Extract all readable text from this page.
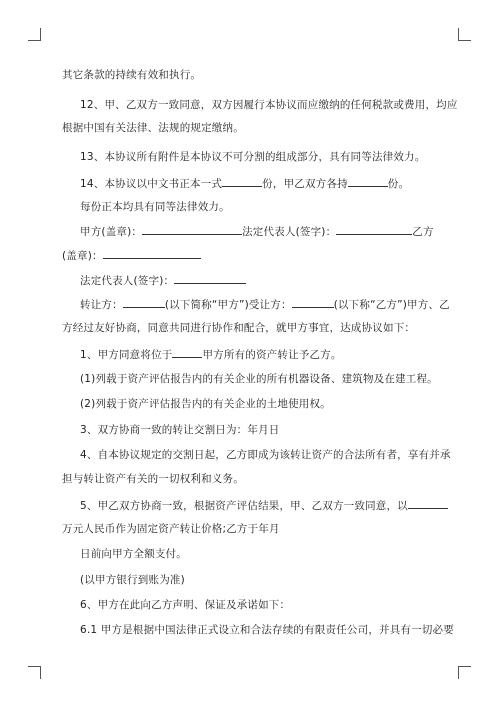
其它条款的持续有效和执行。
12、甲、乙双方一致同意，双方因履行本协议而应缴纳的任何税款或费用，均应
根据中国有关法律、法规的规定缴纳。
13、本协议所有附件是本协议不可分割的组成部分，具有同等法律效力。
14、本协议以中文书正本一式	份，甲乙双方各持	份。
每份正本均具有同等法律效力。
甲方(盖章)：	法定代表人(签字)：	乙方
(盖章)：
法定代表人(签字)：
转让方：	(以下简称“甲方”)受让方：	(以下称“乙方”)甲方、乙
方经过友好协商，同意共同进行协作和配合，就甲方事宜，达成协议如下：
1、甲方同意将位于	甲方所有的资产转让予乙方。
(1)列载于资产评估报告内的有关企业的所有机器设备、建筑物及在建工程。
(2)列载于资产评估报告内的有关企业的土地使用权。
3、双方协商一致的转让交割日为：年月日
4、自本协议规定的交割日起，乙方即成为该转让资产的合法所有者，享有并承
担与转让资产有关的一切权利和义务。
5、甲乙双方协商一致，根据资产评估结果，甲、乙双方一致同意，以
万元人民币作为固定资产转让价格;乙方于年月
日前向甲方全额支付。
(以甲方银行到账为准)
6、甲方在此向乙方声明、保证及承诺如下：
6.1 甲方是根据中国法律正式设立和合法存续的有限责任公司，并具有一切必要
